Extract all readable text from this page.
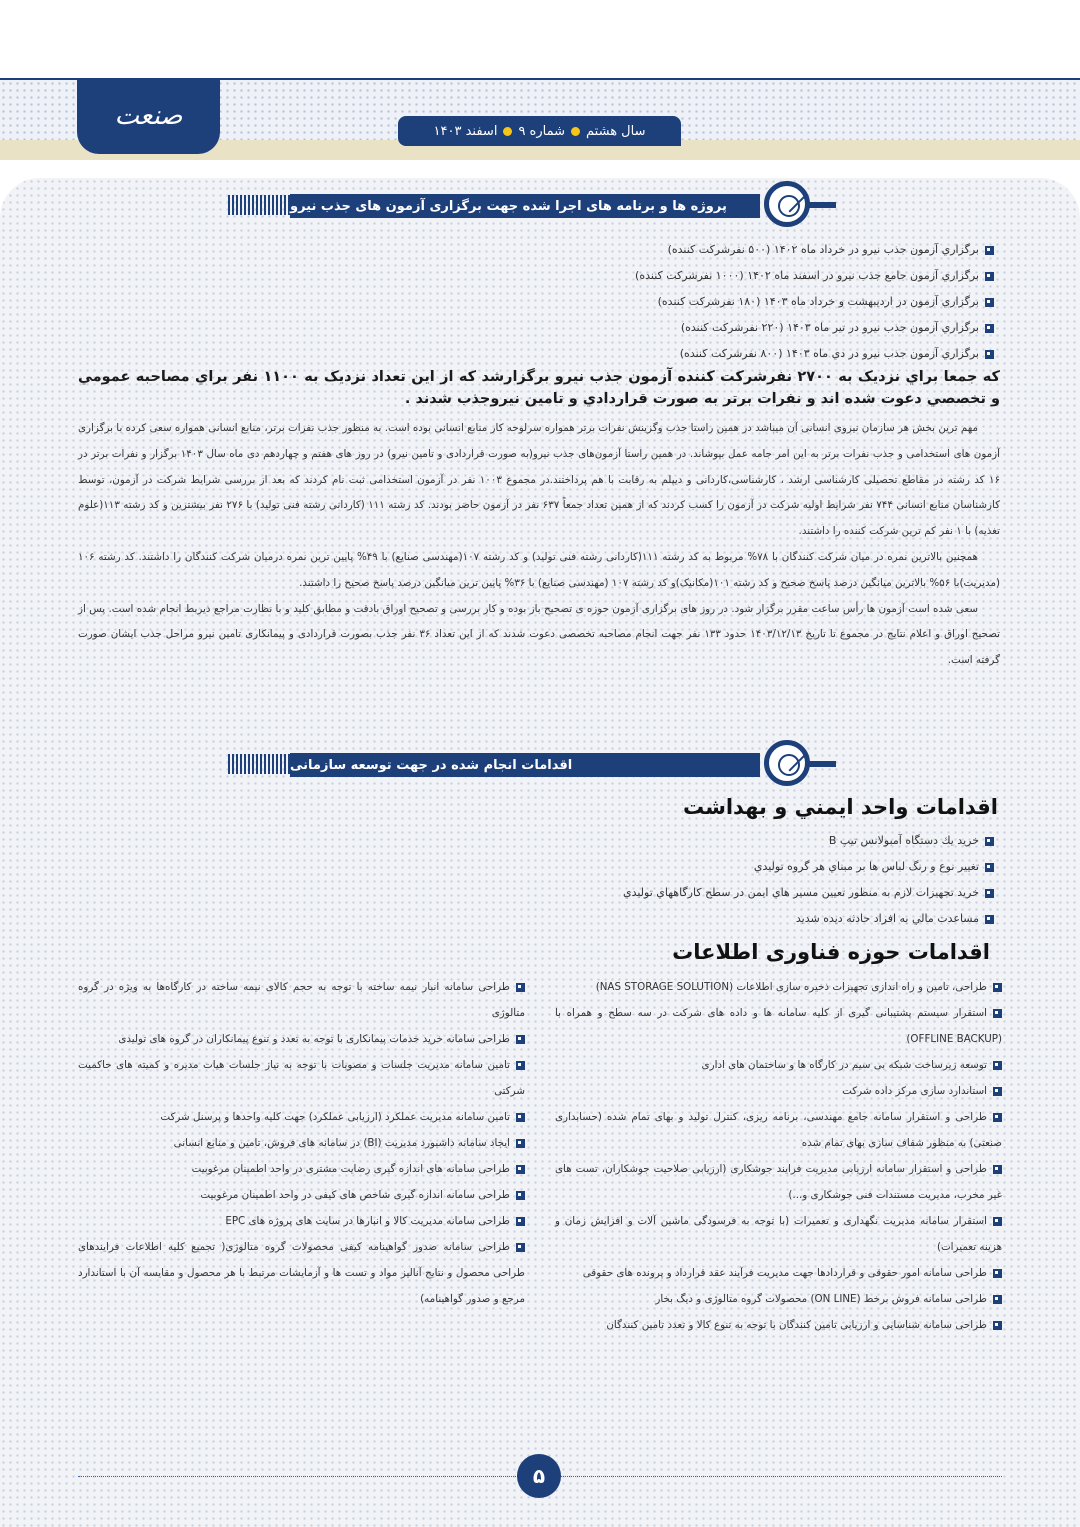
صنعت	سال هشتم
شماره ۹
اسفند ۱۴۰۳
پروژه ها و برنامه های اجرا شده جهت برگزاری آزمون های جذب نیرو
برگزاري آزمون جذب نيرو در خرداد ماه ۱۴۰۲ (۵۰۰ نفرشرکت کننده)
برگزاري آزمون جامع جذب نيرو در اسفند ماه ۱۴۰۲ (۱۰۰۰ نفرشرکت کننده)
برگزاري آزمون در ارديبهشت و خرداد ماه ۱۴۰۳ (۱۸۰ نفرشرکت کننده)
برگزاري آزمون جذب نيرو در تير ماه ۱۴۰۳ (۲۲۰ نفرشرکت کننده)
برگزاري آزمون جذب نيرو در دي ماه ۱۴۰۳ (۸۰۰ نفرشرکت کننده)
که جمعا براي نزديک به ۲۷۰۰ نفرشرکت کننده آزمون جذب نيرو برگزارشد که از اين تعداد نزديک به ۱۱۰۰ نفر براي مصاحبه عمومي و تخصصي دعوت شده اند و نفرات برتر به صورت قراردادي و تامين نيروجذب شدند .

مهم ترین بخش هر سازمان نیروی انسانی آن میباشد در همین راستا جذب وگزینش نفرات برتر همواره سرلوحه کار منابع انسانی بوده است. به منظور جذب نفرات برتر، منابع انسانی همواره سعی کرده با برگزاری آزمون های استخدامی و جذب نفرات برتر به این امر جامه عمل بپوشاند. در همین راستا آزمون‌های جذب نیرو(به صورت قراردادی و تامین نیرو) در روز های هفتم و چهاردهم دی ماه سال ۱۴۰۳ برگزار و نفرات برتر در ۱۶ کد رشته در مقاطع تحصیلی کارشناسی ارشد ، کارشناسی،کاردانی و دیپلم به رقابت با هم پرداختند.در مجموع ۱۰۰۳ نفر در آزمون استخدامی ثبت نام کردند که بعد از بررسی شرایط شرکت در آزمون، توسط کارشناسان منابع انسانی ۷۴۴ نفر شرایط اولیه شرکت در آزمون را کسب کردند که از همین تعداد جمعاً ۶۳۷ نفر در آزمون حاضر بودند. کد رشته ۱۱۱ (کاردانی رشته فنی تولید) با ۲۷۶ نفر بیشترین و کد رشته ۱۱۳(علوم تغذیه) با ۱ نفر کم ترین شرکت کننده را داشتند.

همچنین بالاترین نمره در میان شرکت کنندگان با ۷۸% مربوط به کد رشته ۱۱۱(کاردانی رشته فنی تولید) و کد رشته ۱۰۷(مهندسی صنایع) با ۴۹% پایین ترین نمره درمیان شرکت کنندگان را داشتند. کد رشته ۱۰۶ (مدیریت)با ۵۶% بالاترین میانگین درصد پاسخ صحیح و کد رشته ۱۰۱(مکانیک)و کد رشته ۱۰۷ (مهندسی صنایع) با ۳۶% پایین ترین میانگین درصد پاسخ صحیح را داشتند.

سعی شده است آزمون ها رأس ساعت مقرر برگزار شود. در روز های برگزاری آزمون حوزه ی تصحیح باز بوده و کار بررسی و تصحیح اوراق بادقت و مطابق کلید و با نظارت مراجع ذیربط انجام شده است. پس از تصحیح اوراق و اعلام نتایج در مجموع تا تاریخ ۱۴۰۳/۱۲/۱۳ حدود ۱۳۳ نفر جهت انجام مصاحبه تخصصی دعوت شدند که از این تعداد ۳۶ نفر جذب بصورت قراردادی و پیمانکاری تامین نیرو مراحل جذب ایشان صورت گرفته است.

اقدامات انجام شده در جهت توسعه سازمانی
اقدامات واحد ايمني و بهداشت
خريد يك دستگاه آمبولانس تيپ B
تغيير نوع و رنگ لباس ها بر مبناي هر گروه توليدي
خريد تجهيزات لازم به منظور تعيين مسير هاي ايمن در سطح كارگاههاي توليدي
مساعدت مالي به افراد حادثه ديده شديد
اقدامات حوزه فناوری اطلاعات

طراحی، تامین و راه اندازی تجهیزات ذخیره سازی اطلاعات (NAS STORAGE SOLUTION)

استقرار سیستم پشتیبانی گیری از کلیه سامانه ها و داده های شرکت در سه سطح و همراه با (OFFLINE BACKUP)

توسعه زیرساخت شبکه بی سیم در کارگاه ها و ساختمان های اداری

استاندارد سازی مرکز داده شرکت

طراحی و استقرار سامانه جامع مهندسی، برنامه ریزی، کنترل تولید و بهای تمام شده (حسابداری صنعتی) به منظور شفاف سازی بهای تمام شده

طراحی و استقرار سامانه ارزیابی مدیریت فرایند جوشکاری (ارزیابی صلاحیت جوشکاران، تست های غیر مخرب، مدیریت مستندات فنی جوشکاری و...)

استقرار سامانه مدیریت نگهداری و تعمیرات (با توجه به فرسودگی ماشین آلات و افزایش زمان و هزینه تعمیرات)

طراحی سامانه امور حقوقی و قراردادها جهت مدیریت فرآیند عقد قرارداد و پرونده های حقوقی

طراحی سامانه فروش برخط (ON LINE) محصولات گروه متالوژی و دیگ بخار

طراحی سامانه شناسایی و ارزیابی تامین کنندگان با توجه به تنوع کالا و تعدد تامین کنندگان

طراحی سامانه انبار نیمه ساخته با توجه به حجم کالای نیمه ساخته در کارگاه‌ها به ویژه در گروه متالوژی

طراحی سامانه خرید خدمات پیمانکاری با توجه به تعدد و تنوع پیمانکاران در گروه های تولیدی

تامین سامانه مدیریت جلسات و مصوبات با توجه به نیاز جلسات هیات مدیره و کمیته های حاکمیت شرکتی

تامین سامانه مدیریت عملکرد (ارزیابی عملکرد) جهت کلیه واحدها و پرسنل شرکت

ایجاد سامانه داشبورد مدیریت (BI) در سامانه های فروش، تامین و منابع انسانی

طراحی سامانه های اندازه گیری رضایت مشتری در واحد اطمینان مرغوبیت

طراحی سامانه اندازه گیری شاخص های کیفی در واحد اطمینان مرغوبیت

طراحی سامانه مدیریت کالا و انبارها در سایت های پروژه های EPC

طراحی سامانه صدور گواهینامه کیفی محصولات گروه متالوژی( تجمیع کلیه اطلاعات فرایندهای طراحی محصول و نتایج آنالیز مواد و تست ها و آزمایشات مرتبط با هر محصول و مقایسه آن با استاندارد مرجع و صدور گواهینامه)

۵
